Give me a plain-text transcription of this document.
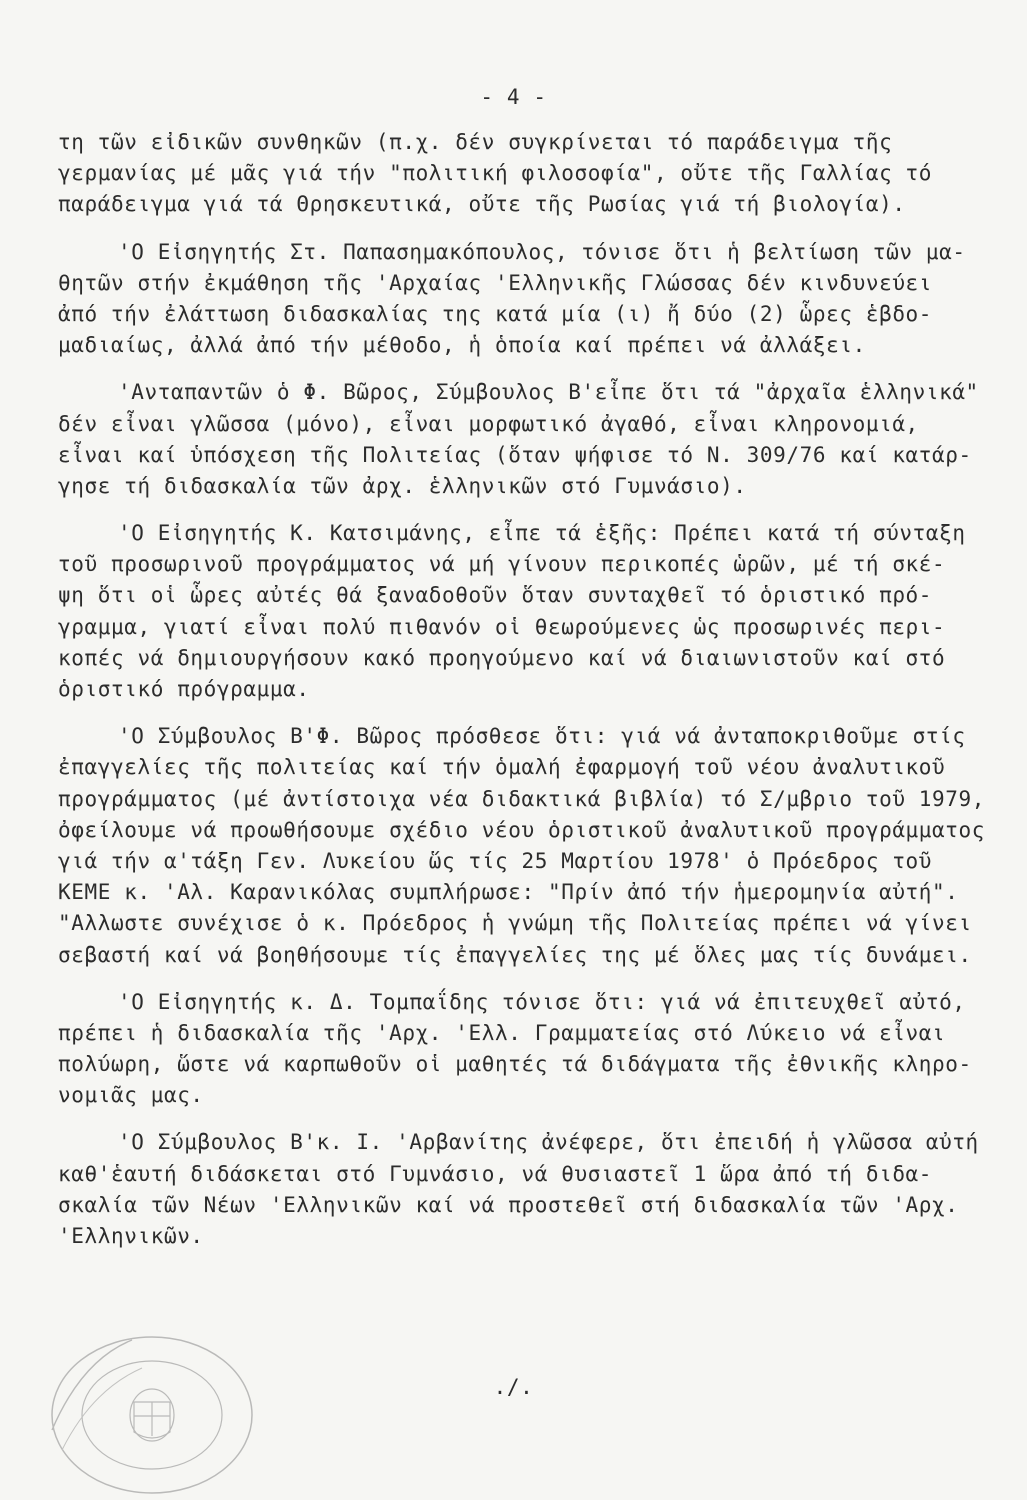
- 4 -
τη τῶν εἰδικῶν συνθηκῶν (π.χ. δέν συγκρίνεται τό παράδειγμα τῆς
γερμανίας μέ μᾶς γιά τήν "πολιτική φιλοσοφία", οὔτε τῆς Γαλλίας τό
παράδειγμα γιά τά Θρησκευτικά, οὔτε τῆς Ρωσίας γιά τή βιολογία).
'Ο Εἰσηγητής Στ. Παπασημακόπουλος, τόνισε ὅτι ἡ βελτίωση τῶν μα-
θητῶν στήν ἐκμάθηση τῆς 'Αρχαίας 'Ελληνικῆς Γλώσσας δέν κινδυνεύει
ἀπό τήν ἐλάττωση διδασκαλίας της κατά μία (ι) ἤ δύο (2) ὧρες ἑβδο-
μαδιαίως, ἀλλά ἀπό τήν μέθοδο, ἡ ὁποία καί πρέπει νά ἀλλάξει.
'Ανταπαντῶν ὁ Φ. Βῶρος, Σύμβουλος Β'εἶπε ὅτι τά "ἀρχαῖα ἑλληνικά"
δέν εἶναι γλῶσσα (μόνο), εἶναι μορφωτικό ἀγαθό, εἶναι κληρονομιά,
εἶναι καί ὑπόσχεση τῆς Πολιτείας (ὅταν ψήφισε τό Ν. 309/76 καί κατάρ-
γησε τή διδασκαλία τῶν ἀρχ. ἑλληνικῶν στό Γυμνάσιο).
'Ο Εἰσηγητής Κ. Κατσιμάνης, εἶπε τά ἑξῆς: Πρέπει κατά τή σύνταξη
τοῦ προσωρινοῦ προγράμματος νά μή γίνουν περικοπές ὡρῶν, μέ τή σκέ-
ψη ὅτι οἱ ὧρες αὐτές θά ξαναδοθοῦν ὅταν συνταχθεῖ τό ὁριστικό πρό-
γραμμα, γιατί εἶναι πολύ πιθανόν οἱ θεωρούμενες ὡς προσωρινές περι-
κοπές νά δημιουργήσουν κακό προηγούμενο καί νά διαιωνιστοῦν καί στό
ὁριστικό πρόγραμμα.
'Ο Σύμβουλος Β'Φ. Βῶρος πρόσθεσε ὅτι: γιά νά ἀνταποκριθοῦμε στίς
ἐπαγγελίες τῆς πολιτείας καί τήν ὁμαλή ἐφαρμογή τοῦ νέου ἀναλυτικοῦ
προγράμματος (μέ ἀντίστοιχα νέα διδακτικά βιβλία) τό Σ/μβριο τοῦ 1979,
ὀφείλουμε νά προωθήσουμε σχέδιο νέου ὁριστικοῦ ἀναλυτικοῦ προγράμματος
γιά τήν α'τάξη Γεν. Λυκείου ὥς τίς 25 Μαρτίου 1978' ὁ Πρόεδρος τοῦ
ΚΕΜΕ κ. 'Αλ. Καρανικόλας συμπλήρωσε: "Πρίν ἀπό τήν ἡμερομηνία αὐτή".
"Αλλωστε συνέχισε ὁ κ. Πρόεδρος ἡ γνώμη τῆς Πολιτείας πρέπει νά γίνει
σεβαστή καί νά βοηθήσουμε τίς ἐπαγγελίες της μέ ὅλες μας τίς δυνάμει.
'Ο Εἰσηγητής κ. Δ. Τομπαΐδης τόνισε ὅτι: γιά νά ἐπιτευχθεῖ αὐτό,
πρέπει ἡ διδασκαλία τῆς 'Αρχ. 'Ελλ. Γραμματείας στό Λύκειο νά εἶναι
πολύωρη, ὥστε νά καρπωθοῦν οἱ μαθητές τά διδάγματα τῆς ἐθνικῆς κληρο-
νομιᾶς μας.
'Ο Σύμβουλος Β'κ. Ι. 'Αρβανίτης ἀνέφερε, ὅτι ἐπειδή ἡ γλῶσσα αὐτή
καθ'ἑαυτή διδάσκεται στό Γυμνάσιο, νά θυσιαστεῖ 1 ὥρα ἀπό τή διδα-
σκαλία τῶν Νέων 'Ελληνικῶν καί νά προστεθεῖ στή διδασκαλία τῶν 'Αρχ.
'Ελληνικῶν.
./.
